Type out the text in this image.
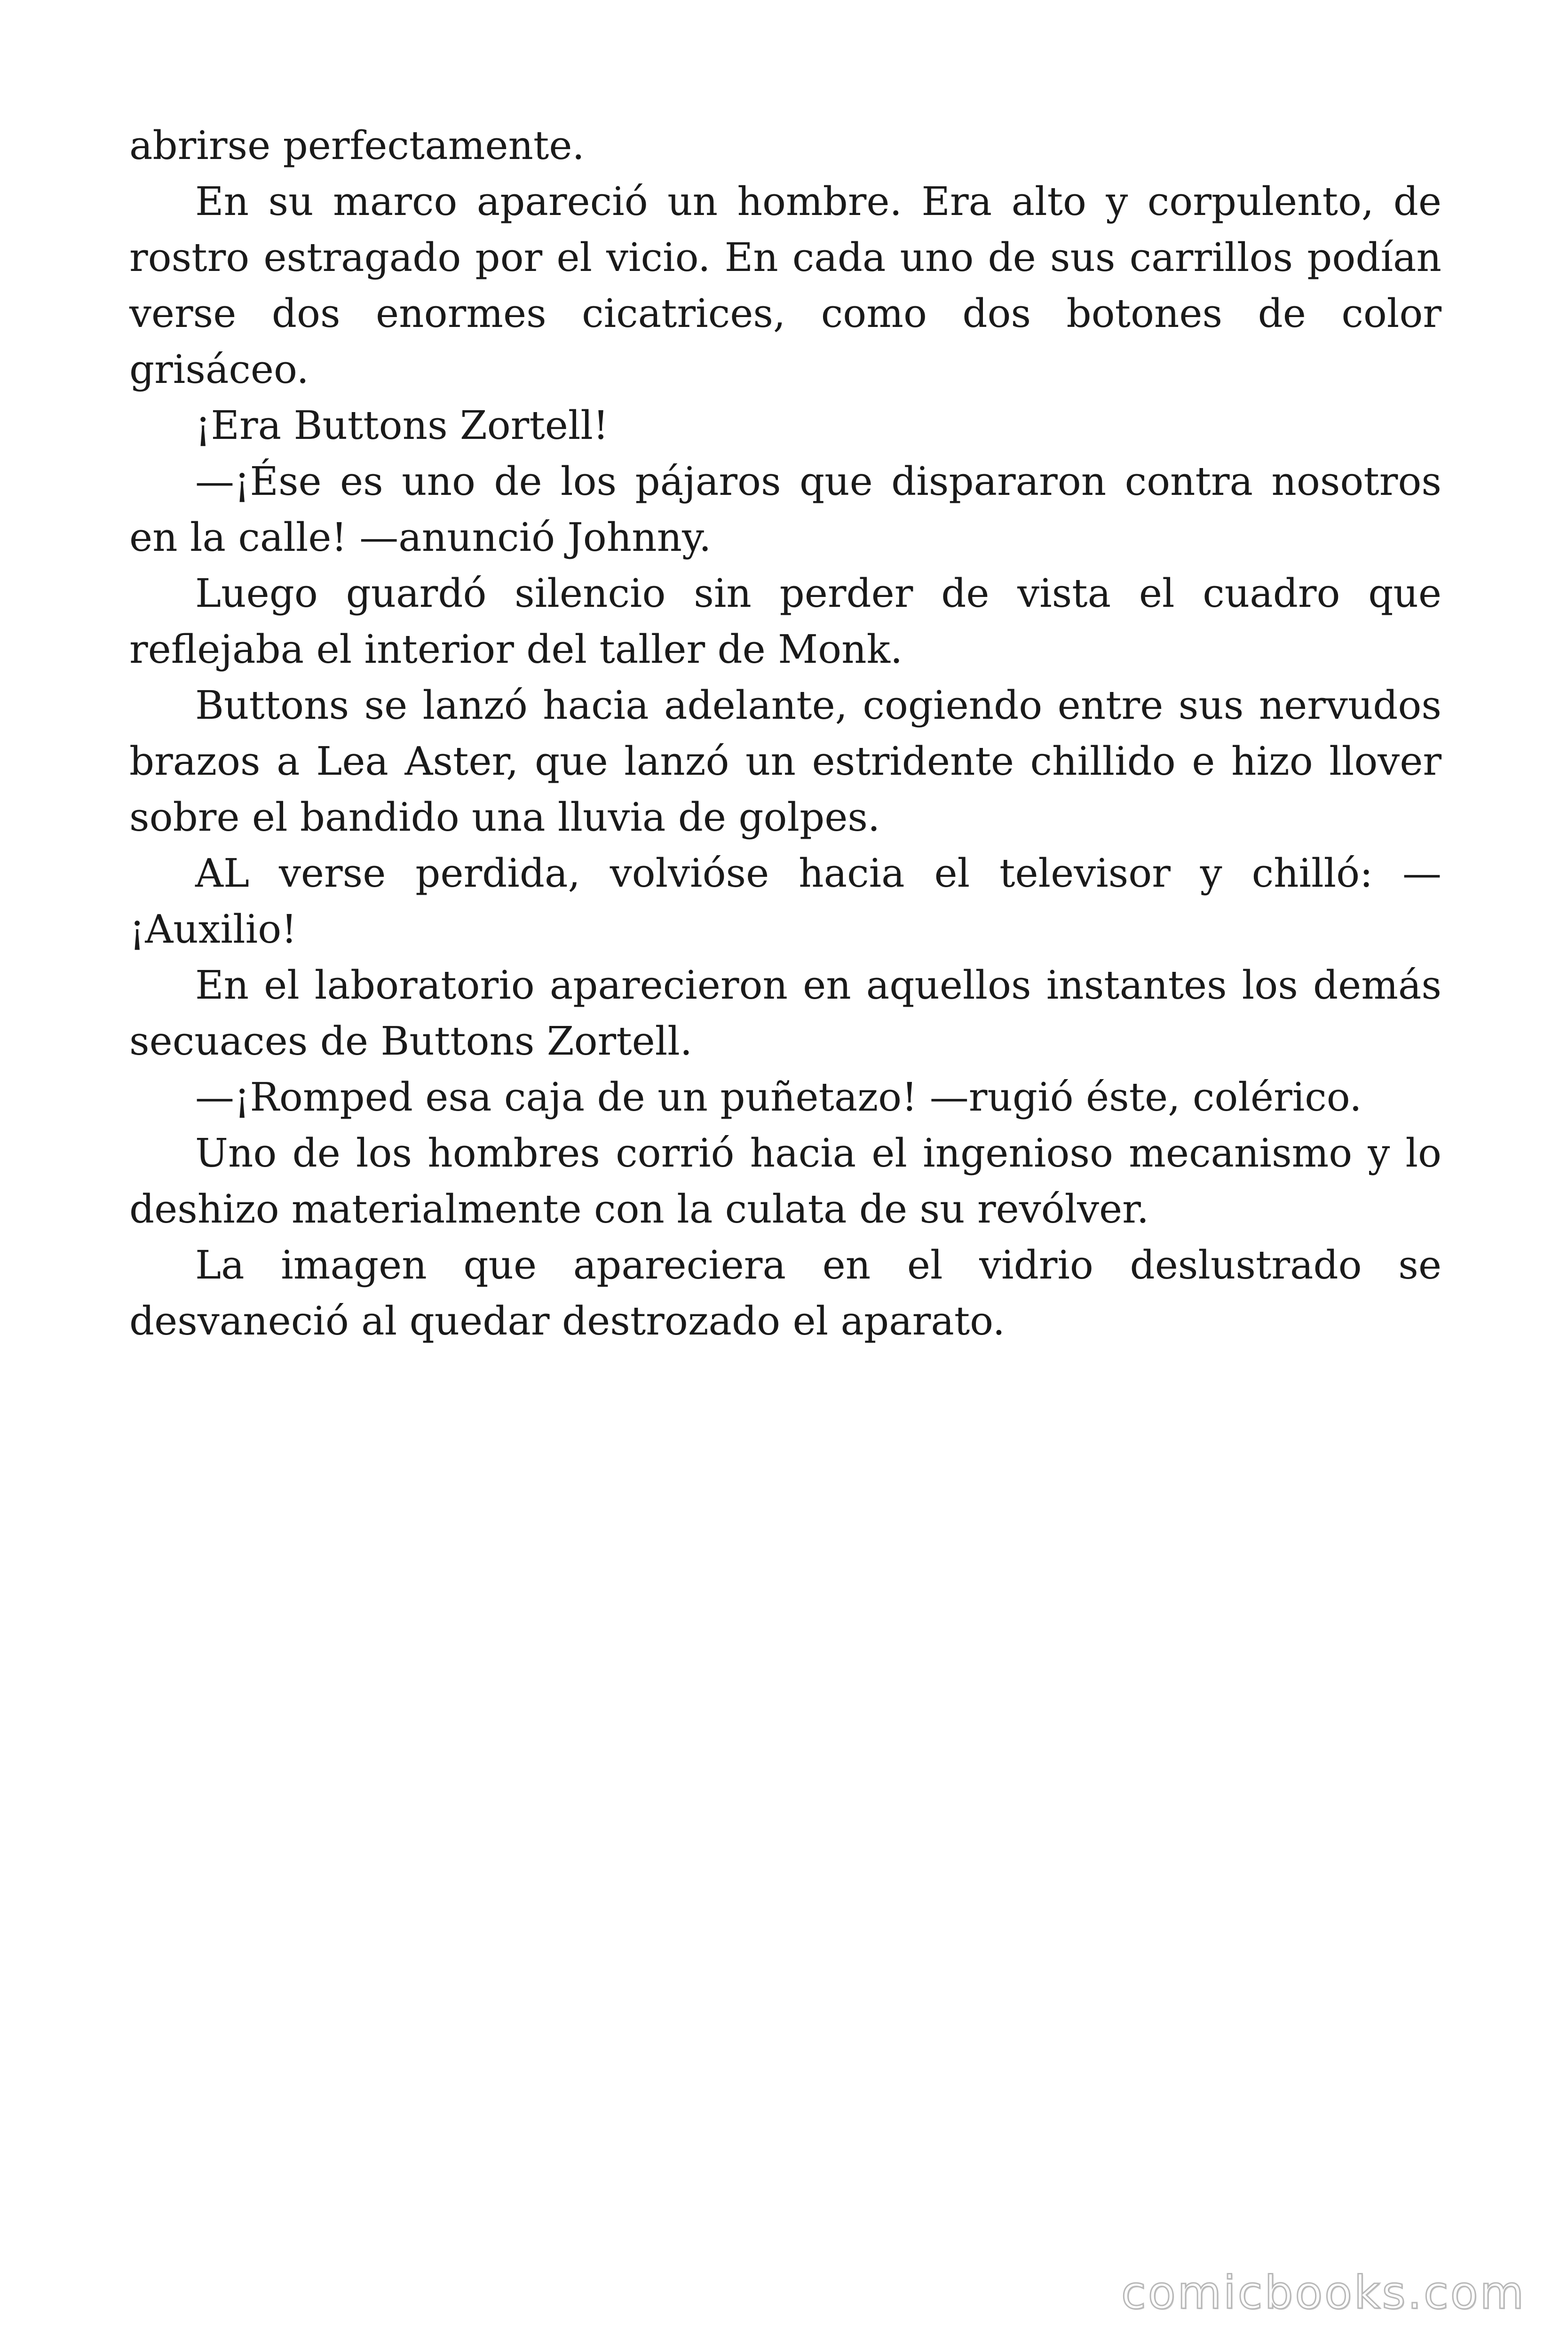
abrirse perfectamente.

En su marco apareció un hombre. Era alto y corpulento, de rostro estragado por el vicio. En cada uno de sus carrillos podían verse dos enormes cicatrices, como dos botones de color grisáceo.

¡Era Buttons Zortell!

—¡Ése es uno de los pájaros que dispararon contra nosotros en la calle! —anunció Johnny.

Luego guardó silencio sin perder de vista el cuadro que reflejaba el interior del taller de Monk.

Buttons se lanzó hacia adelante, cogiendo entre sus nervudos brazos a Lea Aster, que lanzó un estridente chillido e hizo llover sobre el bandido una lluvia de golpes.

AL verse perdida, volvióse hacia el televisor y chilló: —¡Auxilio!

En el laboratorio aparecieron en aquellos instantes los demás secuaces de Buttons Zortell.

—¡Romped esa caja de un puñetazo! —rugió éste, colérico.

Uno de los hombres corrió hacia el ingenioso mecanismo y lo deshizo materialmente con la culata de su revólver.

La imagen que apareciera en el vidrio deslustrado se desvaneció al quedar destrozado el aparato.

comicbooks.com
